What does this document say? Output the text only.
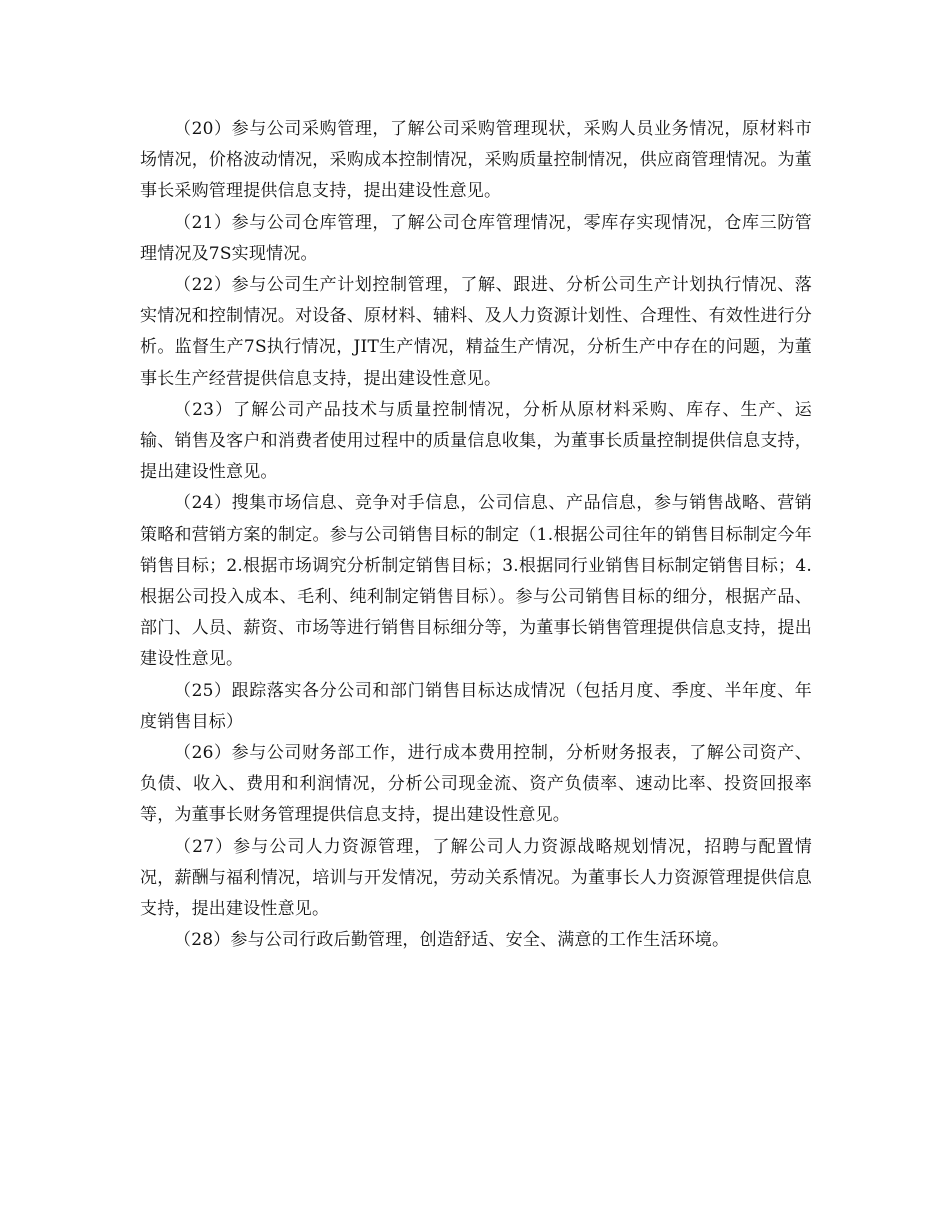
（20）参与公司采购管理，了解公司采购管理现状，采购人员业务情况，原材料市场情况，价格波动情况，采购成本控制情况，采购质量控制情况，供应商管理情况。为董事长采购管理提供信息支持，提出建设性意见。

（21）参与公司仓库管理，了解公司仓库管理情况，零库存实现情况，仓库三防管理情况及7S实现情况。

（22）参与公司生产计划控制管理，了解、跟进、分析公司生产计划执行情况、落实情况和控制情况。对设备、原材料、辅料、及人力资源计划性、合理性、有效性进行分析。监督生产7S执行情况，JIT生产情况，精益生产情况，分析生产中存在的问题，为董事长生产经营提供信息支持，提出建设性意见。

（23）了解公司产品技术与质量控制情况，分析从原材料采购、库存、生产、运输、销售及客户和消费者使用过程中的质量信息收集，为董事长质量控制提供信息支持，提出建设性意见。

（24）搜集市场信息、竞争对手信息，公司信息、产品信息，参与销售战略、营销策略和营销方案的制定。参与公司销售目标的制定（1.根据公司往年的销售目标制定今年销售目标；2.根据市场调究分析制定销售目标；3.根据同行业销售目标制定销售目标；4.根据公司投入成本、毛利、纯利制定销售目标）。参与公司销售目标的细分，根据产品、部门、人员、薪资、市场等进行销售目标细分等，为董事长销售管理提供信息支持，提出建设性意见。

（25）跟踪落实各分公司和部门销售目标达成情况（包括月度、季度、半年度、年度销售目标）

（26）参与公司财务部工作，进行成本费用控制，分析财务报表，了解公司资产、负债、收入、费用和利润情况，分析公司现金流、资产负债率、速动比率、投资回报率等，为董事长财务管理提供信息支持，提出建设性意见。

（27）参与公司人力资源管理，了解公司人力资源战略规划情况，招聘与配置情况，薪酬与福利情况，培训与开发情况，劳动关系情况。为董事长人力资源管理提供信息支持，提出建设性意见。

（28）参与公司行政后勤管理，创造舒适、安全、满意的工作生活环境。
